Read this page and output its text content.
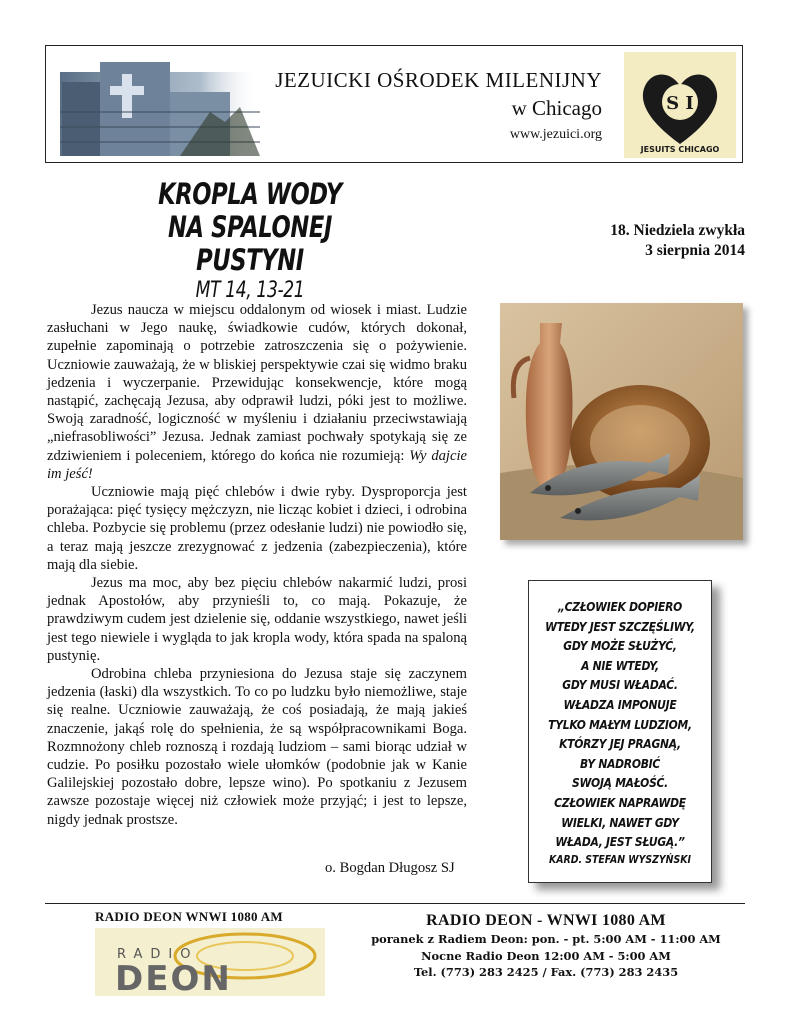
JEZUICKI OŚRODEK MILENIJNY
w Chicago
www.jezuici.org
S I
JESUITS CHICAGO
KROPLA WODY
NA SPALONEJ PUSTYNI
MT 14, 13-21
18. Niedziela zwykła
3 sierpnia 2014

Jezus naucza w miejscu oddalonym od wiosek i miast. Ludzie zasłuchani w Jego naukę, świadkowie cudów, których dokonał, zupełnie zapominają o potrzebie zatroszczenia się o pożywienie. Uczniowie zauważają, że w bliskiej perspektywie czai się widmo braku jedzenia i wyczerpanie. Przewidując konsekwencje, które mogą nastąpić, zachęcają Jezusa, aby odprawił ludzi, póki jest to możliwe. Swoją zaradność, logiczność w myśleniu i działaniu przeciwstawiają „niefrasobliwości” Jezusa. Jednak zamiast pochwały spotykają się ze zdziwieniem i poleceniem, którego do końca nie rozumieją: Wy dajcie im jeść!

Uczniowie mają pięć chlebów i dwie ryby. Dysproporcja jest porażająca: pięć tysięcy mężczyzn, nie licząc kobiet i dzieci, i odrobina chleba. Pozbycie się problemu (przez odesłanie ludzi) nie powiodło się, a teraz mają jeszcze zrezygnować z jedzenia (zabezpieczenia), które mają dla siebie.

Jezus ma moc, aby bez pięciu chlebów nakarmić ludzi, prosi jednak Apostołów, aby przynieśli to, co mają. Pokazuje, że prawdziwym cudem jest dzielenie się, oddanie wszystkiego, nawet jeśli jest tego niewiele i wygląda to jak kropla wody, która spada na spaloną pustynię.

Odrobina chleba przyniesiona do Jezusa staje się zaczynem jedzenia (łaski) dla wszystkich. To co po ludzku było niemożliwe, staje się realne. Uczniowie zauważają, że coś posiadają, że mają jakieś znaczenie, jakąś rolę do spełnienia, że są współpracownikami Boga. Rozmnożony chleb roznoszą i rozdają ludziom – sami biorąc udział w cudzie. Po posiłku pozostało wiele ułomków (podobnie jak w Kanie Galilejskiej pozostało dobre, lepsze wino). Po spotkaniu z Jezusem zawsze pozostaje więcej niż człowiek może przyjąć; i jest to lepsze, nigdy jednak prostsze.

o. Bogdan Długosz SJ
„CZŁOWIEK DOPIERO
WTEDY JEST SZCZĘŚLIWY,
GDY MOŻE SŁUŻYĆ,
A NIE WTEDY,
GDY MUSI WŁADAĆ.
WŁADZA IMPONUJE
TYLKO MAŁYM LUDZIOM,
KTÓRZY JEJ PRAGNĄ,
BY NADROBIĆ
SWOJĄ MAŁOŚĆ.
CZŁOWIEK NAPRAWDĘ
WIELKI, NAWET GDY
WŁADA, JEST SŁUGĄ.”
KARD. STEFAN WYSZYŃSKI
RADIO DEON WNWI 1080 AM
RADIO
DEON
RADIO DEON - WNWI 1080 AM
poranek z Radiem Deon: pon. - pt. 5:00 AM - 11:00 AM
Nocne Radio Deon 12:00 AM - 5:00 AM
Tel. (773) 283 2425 / Fax. (773) 283 2435
